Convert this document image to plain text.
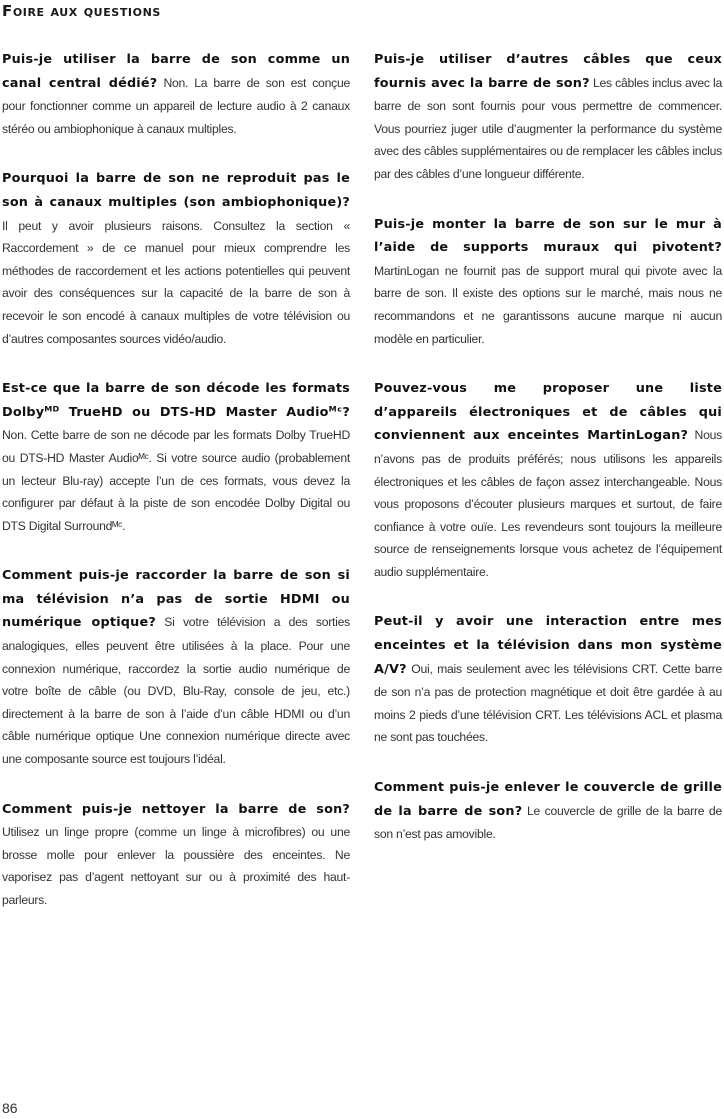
Foire aux questions

Puis-je utiliser la barre de son comme un canal central dédié? Non. La barre de son est conçue pour fonctionner comme un appareil de lecture audio à 2 canaux stéréo ou ambiophonique à canaux multiples.

Pourquoi la barre de son ne reproduit pas le son à canaux multiples (son ambiophonique)? Il peut y avoir plusieurs raisons. Consultez la section « Raccordement » de ce manuel pour mieux comprendre les méthodes de raccordement et les actions potentielles qui peuvent avoir des conséquences sur la capacité de la barre de son à recevoir le son encodé à canaux multiples de votre télévision ou d’autres composantes sources vidéo/audio.

Est-ce que la barre de son décode les formats Dolbyᴹᴰ TrueHD ou DTS-HD Master Audioᴹᶜ? Non. Cette barre de son ne décode par les formats Dolby TrueHD ou DTS-HD Master Audioᴹᶜ. Si votre source audio (probablement un lecteur Blu-ray) accepte l’un de ces formats, vous devez la configurer par défaut à la piste de son encodée Dolby Digital ou DTS Digital Surroundᴹᶜ.

Comment puis-je raccorder la barre de son si ma télévision n’a pas de sortie HDMI ou numérique optique? Si votre télévision a des sorties analogiques, elles peuvent être utilisées à la place. Pour une connexion numérique, raccordez la sortie audio numérique de votre boîte de câble (ou DVD, Blu-Ray, console de jeu, etc.) directement à la barre de son à l’aide d’un câble HDMI ou d’un câble numérique optique Une connexion numérique directe avec une composante source est toujours l’idéal.

Comment puis-je nettoyer la barre de son? Utilisez un linge propre (comme un linge à microfibres) ou une brosse molle pour enlever la poussière des enceintes. Ne vaporisez pas d’agent nettoyant sur ou à proximité des haut-parleurs.

Puis-je utiliser d’autres câbles que ceux fournis avec la barre de son? Les câbles inclus avec la barre de son sont fournis pour vous permettre de commencer. Vous pourriez juger utile d’augmenter la performance du système avec des câbles supplémentaires ou de remplacer les câbles inclus par des câbles d’une longueur différente.

Puis-je monter la barre de son sur le mur à l’aide de supports muraux qui pivotent? MartinLogan ne fournit pas de support mural qui pivote avec la barre de son. Il existe des options sur le marché, mais nous ne recommandons et ne garantissons aucune marque ni aucun modèle en particulier.

Pouvez-vous me proposer une liste d’appareils électroniques et de câbles qui conviennent aux enceintes MartinLogan? Nous n’avons pas de produits préférés; nous utilisons les appareils électroniques et les câbles de façon assez interchangeable. Nous vous proposons d’écouter plusieurs marques et surtout, de faire confiance à votre ouïe. Les revendeurs sont toujours la meilleure source de renseignements lorsque vous achetez de l’équipement audio supplémentaire.

Peut-il y avoir une interaction entre mes enceintes et la télévision dans mon système A/V? Oui, mais seulement avec les télévisions CRT. Cette barre de son n’a pas de protection magnétique et doit être gardée à au moins 2 pieds d’une télévision CRT. Les télévisions ACL et plasma ne sont pas touchées.

Comment puis-je enlever le couvercle de grille de la barre de son? Le couvercle de grille de la barre de son n’est pas amovible.

86
